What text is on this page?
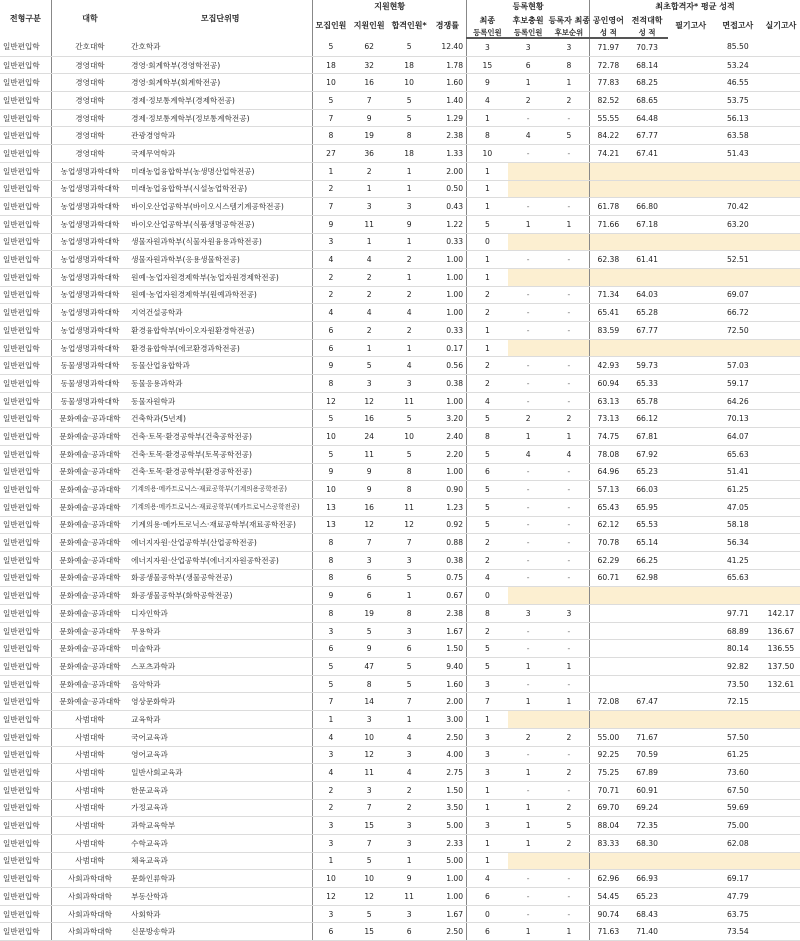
전형구분	대학	모집단위명	지원현황				등록현황			최초합격자* 평균 성적				
			모집인원	지원인원	합격인원*	경쟁률	최종	후보충원	등록자 최종	공인영어	전적대학	필기고사	면접고사	실기고사
							등록인원	등록인원	후보순위	성 적	성 적			
일반편입학	간호대학	간호학과	5	62	5	12.40	3	3	3	71.97	70.73		85.50	
일반편입학	경영대학	경영·회계학부(경영학전공)	18	32	18	1.78	15	6	8	72.78	68.14		53.24	
일반편입학	경영대학	경영·회계학부(회계학전공)	10	16	10	1.60	9	1	1	77.83	68.25		46.55	
일반편입학	경영대학	경제·정보통계학부(경제학전공)	5	7	5	1.40	4	2	2	82.52	68.65		53.75	
일반편입학	경영대학	경제·정보통계학부(정보통계학전공)	7	9	5	1.29	1	-	-	55.55	64.48		56.13	
일반편입학	경영대학	관광경영학과	8	19	8	2.38	8	4	5	84.22	67.77		63.58	
일반편입학	경영대학	국제무역학과	27	36	18	1.33	10	-	-	74.21	67.41		51.43	
일반편입학	농업생명과학대학	미래농업융합학부(농생명산업학전공)	1	2	1	2.00	1							
일반편입학	농업생명과학대학	미래농업융합학부(시설농업학전공)	2	1	1	0.50	1							
일반편입학	농업생명과학대학	바이오산업공학부(바이오시스템기계공학전공)	7	3	3	0.43	1	-	-	61.78	66.80		70.42	
일반편입학	농업생명과학대학	바이오산업공학부(식품생명공학전공)	9	11	9	1.22	5	1	1	71.66	67.18		63.20	
일반편입학	농업생명과학대학	생물자원과학부(식물자원융용과학전공)	3	1	1	0.33	0							
일반편입학	농업생명과학대학	생물자원과학부(응용생물학전공)	4	4	2	1.00	1	-	-	62.38	61.41		52.51	
일반편입학	농업생명과학대학	원예·농업자원경제학부(농업자원경제학전공)	2	2	1	1.00	1							
일반편입학	농업생명과학대학	원예·농업자원경제학부(원예과학전공)	2	2	2	1.00	2	-	-	71.34	64.03		69.07	
일반편입학	농업생명과학대학	지역건설공학과	4	4	4	1.00	2	-	-	65.41	65.28		66.72	
일반편입학	농업생명과학대학	환경융합학부(바이오자원환경학전공)	6	2	2	0.33	1	-	-	83.59	67.77		72.50	
일반편입학	농업생명과학대학	환경융합학부(에코환경과학전공)	6	1	1	0.17	1							
일반편입학	동물생명과학대학	동물산업융합학과	9	5	4	0.56	2	-	-	42.93	59.73		57.03	
일반편입학	동물생명과학대학	동물응용과학과	8	3	3	0.38	2	-	-	60.94	65.33		59.17	
일반편입학	동물생명과학대학	동물자원학과	12	12	11	1.00	4	-	-	63.13	65.78		64.26	
일반편입학	문화예술·공과대학	건축학과(5년제)	5	16	5	3.20	5	2	2	73.13	66.12		70.13	
일반편입학	문화예술·공과대학	건축·토목·환경공학부(건축공학전공)	10	24	10	2.40	8	1	1	74.75	67.81		64.07	
일반편입학	문화예술·공과대학	건축·토목·환경공학부(토목공학전공)	5	11	5	2.20	5	4	4	78.08	67.92		65.63	
일반편입학	문화예술·공과대학	건축·토목·환경공학부(환경공학전공)	9	9	8	1.00	6	-	-	64.96	65.23		51.41	
일반편입학	문화예술·공과대학	기계의용·메카트로닉스·재료공학부(기계의용공학전공)	10	9	8	0.90	5	-	-	57.13	66.03		61.25	
일반편입학	문화예술·공과대학	기계의용·메카트로닉스·재료공학부(메카트로닉스공학전공)	13	16	11	1.23	5	-	-	65.43	65.95		47.05	
일반편입학	문화예술·공과대학	기계의용·메카트로닉스·재료공학부(재료공학전공)	13	12	12	0.92	5	-	-	62.12	65.53		58.18	
일반편입학	문화예술·공과대학	에너지자원·산업공학부(산업공학전공)	8	7	7	0.88	2	-	-	70.78	65.14		56.34	
일반편입학	문화예술·공과대학	에너지자원·산업공학부(에너지자원공학전공)	8	3	3	0.38	2	-	-	62.29	66.25		41.25	
일반편입학	문화예술·공과대학	화공생물공학부(생물공학전공)	8	6	5	0.75	4	-	-	60.71	62.98		65.63	
일반편입학	문화예술·공과대학	화공생물공학부(화학공학전공)	9	6	1	0.67	0							
일반편입학	문화예술·공과대학	디자인학과	8	19	8	2.38	8	3	3				97.71	142.17
일반편입학	문화예술·공과대학	무용학과	3	5	3	1.67	2	-	-				68.89	136.67
일반편입학	문화예술·공과대학	미술학과	6	9	6	1.50	5	-	-				80.14	136.55
일반편입학	문화예술·공과대학	스포츠과학과	5	47	5	9.40	5	1	1				92.82	137.50
일반편입학	문화예술·공과대학	음악학과	5	8	5	1.60	3	-	-				73.50	132.61
일반편입학	문화예술·공과대학	영상문화학과	7	14	7	2.00	7	1	1	72.08	67.47		72.15	
일반편입학	사범대학	교육학과	1	3	1	3.00	1							
일반편입학	사범대학	국어교육과	4	10	4	2.50	3	2	2	55.00	71.67		57.50	
일반편입학	사범대학	영어교육과	3	12	3	4.00	3	-	-	92.25	70.59		61.25	
일반편입학	사범대학	일반사회교육과	4	11	4	2.75	3	1	2	75.25	67.89		73.60	
일반편입학	사범대학	한문교육과	2	3	2	1.50	1	-	-	70.71	60.91		67.50	
일반편입학	사범대학	가정교육과	2	7	2	3.50	1	1	2	69.70	69.24		59.69	
일반편입학	사범대학	과학교육학부	3	15	3	5.00	3	1	5	88.04	72.35		75.00	
일반편입학	사범대학	수학교육과	3	7	3	2.33	1	1	2	83.33	68.30		62.08	
일반편입학	사범대학	체육교육과	1	5	1	5.00	1							
일반편입학	사회과학대학	문화인류학과	10	10	9	1.00	4	-	-	62.96	66.93		69.17	
일반편입학	사회과학대학	부동산학과	12	12	11	1.00	6	-	-	54.45	65.23		47.79	
일반편입학	사회과학대학	사회학과	3	5	3	1.67	0	-	-	90.74	68.43		63.75	
일반편입학	사회과학대학	신문방송학과	6	15	6	2.50	6	1	1	71.63	71.40		73.54	
